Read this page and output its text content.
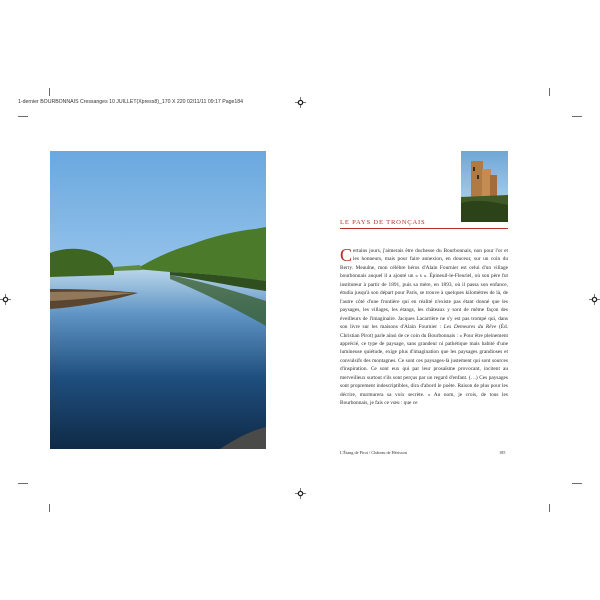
1-dernier BOURBONNAIS Cressanges 10 JUILLET(Xpress8)_170 X 220 02/11/11 09:17 Page184
LE PAYS DE TRONÇAIS

Certains jours, j'aimerais être duchesse du Bourbonnais, non pour l'or et les honneurs, mais pour faire annexion, en douceur, sur un coin du Berry. Meaulne, mon célèbre héros d'Alain Fournier est celui d'un village bourbonnais auquel il a ajouté un « s ». Épineuil-le-Fleuriel, où son père fut instituteur à partir de 1891, puis sa mère, en 1893, où il passa son enfance, étudia jusqu'à son départ pour Paris, se trouve à quelques kilomètres de là, de l'autre côté d'une frontière qui en réalité n'existe pas étant donné que les paysages, les villages, les étangs, les châteaux y sont de même façon des éveilleurs de l'imaginaire. Jacques Lacarrière ne s'y est pas trompé qui, dans son livre sur les maisons d'Alain Fournier : Les Demeures du Rêve (Éd. Christian Pirot) parle ainsi de ce coin du Bourbonnais : « Pour être pleinement apprécié, ce type de paysage, sans grandeur ni pathétique mais habité d'une lumineuse quiétude, exige plus d'imagination que les paysages grandioses et convulsifs des montagnes. Ce sont ces paysages-là justement qui sont sources d'inspiration. Ce sont eux qui par leur prosaïsme provocant, incitent au merveilleux surtout s'ils sont perçus par un regard d'enfant. (…) Ces paysages sont proprement indescriptibles, dira d'abord le poète. Raison de plus pour les décrire, murmurera sa voix secrète. » Au nom, je crois, de tous les Bourbonnais, je fais ce vœu : que ce

L'Étang de Pirot / Château de Hérisson	185
